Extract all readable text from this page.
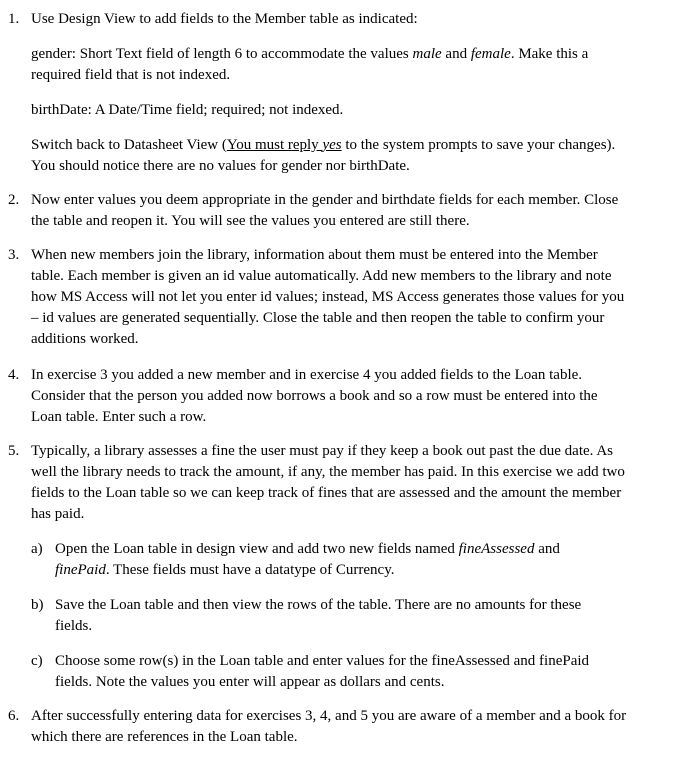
1. Use Design View to add fields to the Member table as indicated:

gender: Short Text field of length 6 to accommodate the values male and female. Make this a required field that is not indexed.

birthDate: A Date/Time field; required; not indexed.

Switch back to Datasheet View (You must reply yes to the system prompts to save your changes). You should notice there are no values for gender nor birthDate.

2. Now enter values you deem appropriate in the gender and birthdate fields for each member. Close the table and reopen it. You will see the values you entered are still there.

3. When new members join the library, information about them must be entered into the Member table. Each member is given an id value automatically. Add new members to the library and note how MS Access will not let you enter id values; instead, MS Access generates those values for you – id values are generated sequentially. Close the table and then reopen the table to confirm your additions worked.

4. In exercise 3 you added a new member and in exercise 4 you added fields to the Loan table. Consider that the person you added now borrows a book and so a row must be entered into the Loan table. Enter such a row.

5. Typically, a library assesses a fine the user must pay if they keep a book out past the due date. As well the library needs to track the amount, if any, the member has paid. In this exercise we add two fields to the Loan table so we can keep track of fines that are assessed and the amount the member has paid.

a) Open the Loan table in design view and add two new fields named fineAssessed and finePaid. These fields must have a datatype of Currency.

b) Save the Loan table and then view the rows of the table. There are no amounts for these fields.

c) Choose some row(s) in the Loan table and enter values for the fineAssessed and finePaid fields. Note the values you enter will appear as dollars and cents.

6. After successfully entering data for exercises 3, 4, and 5 you are aware of a member and a book for which there are references in the Loan table.
